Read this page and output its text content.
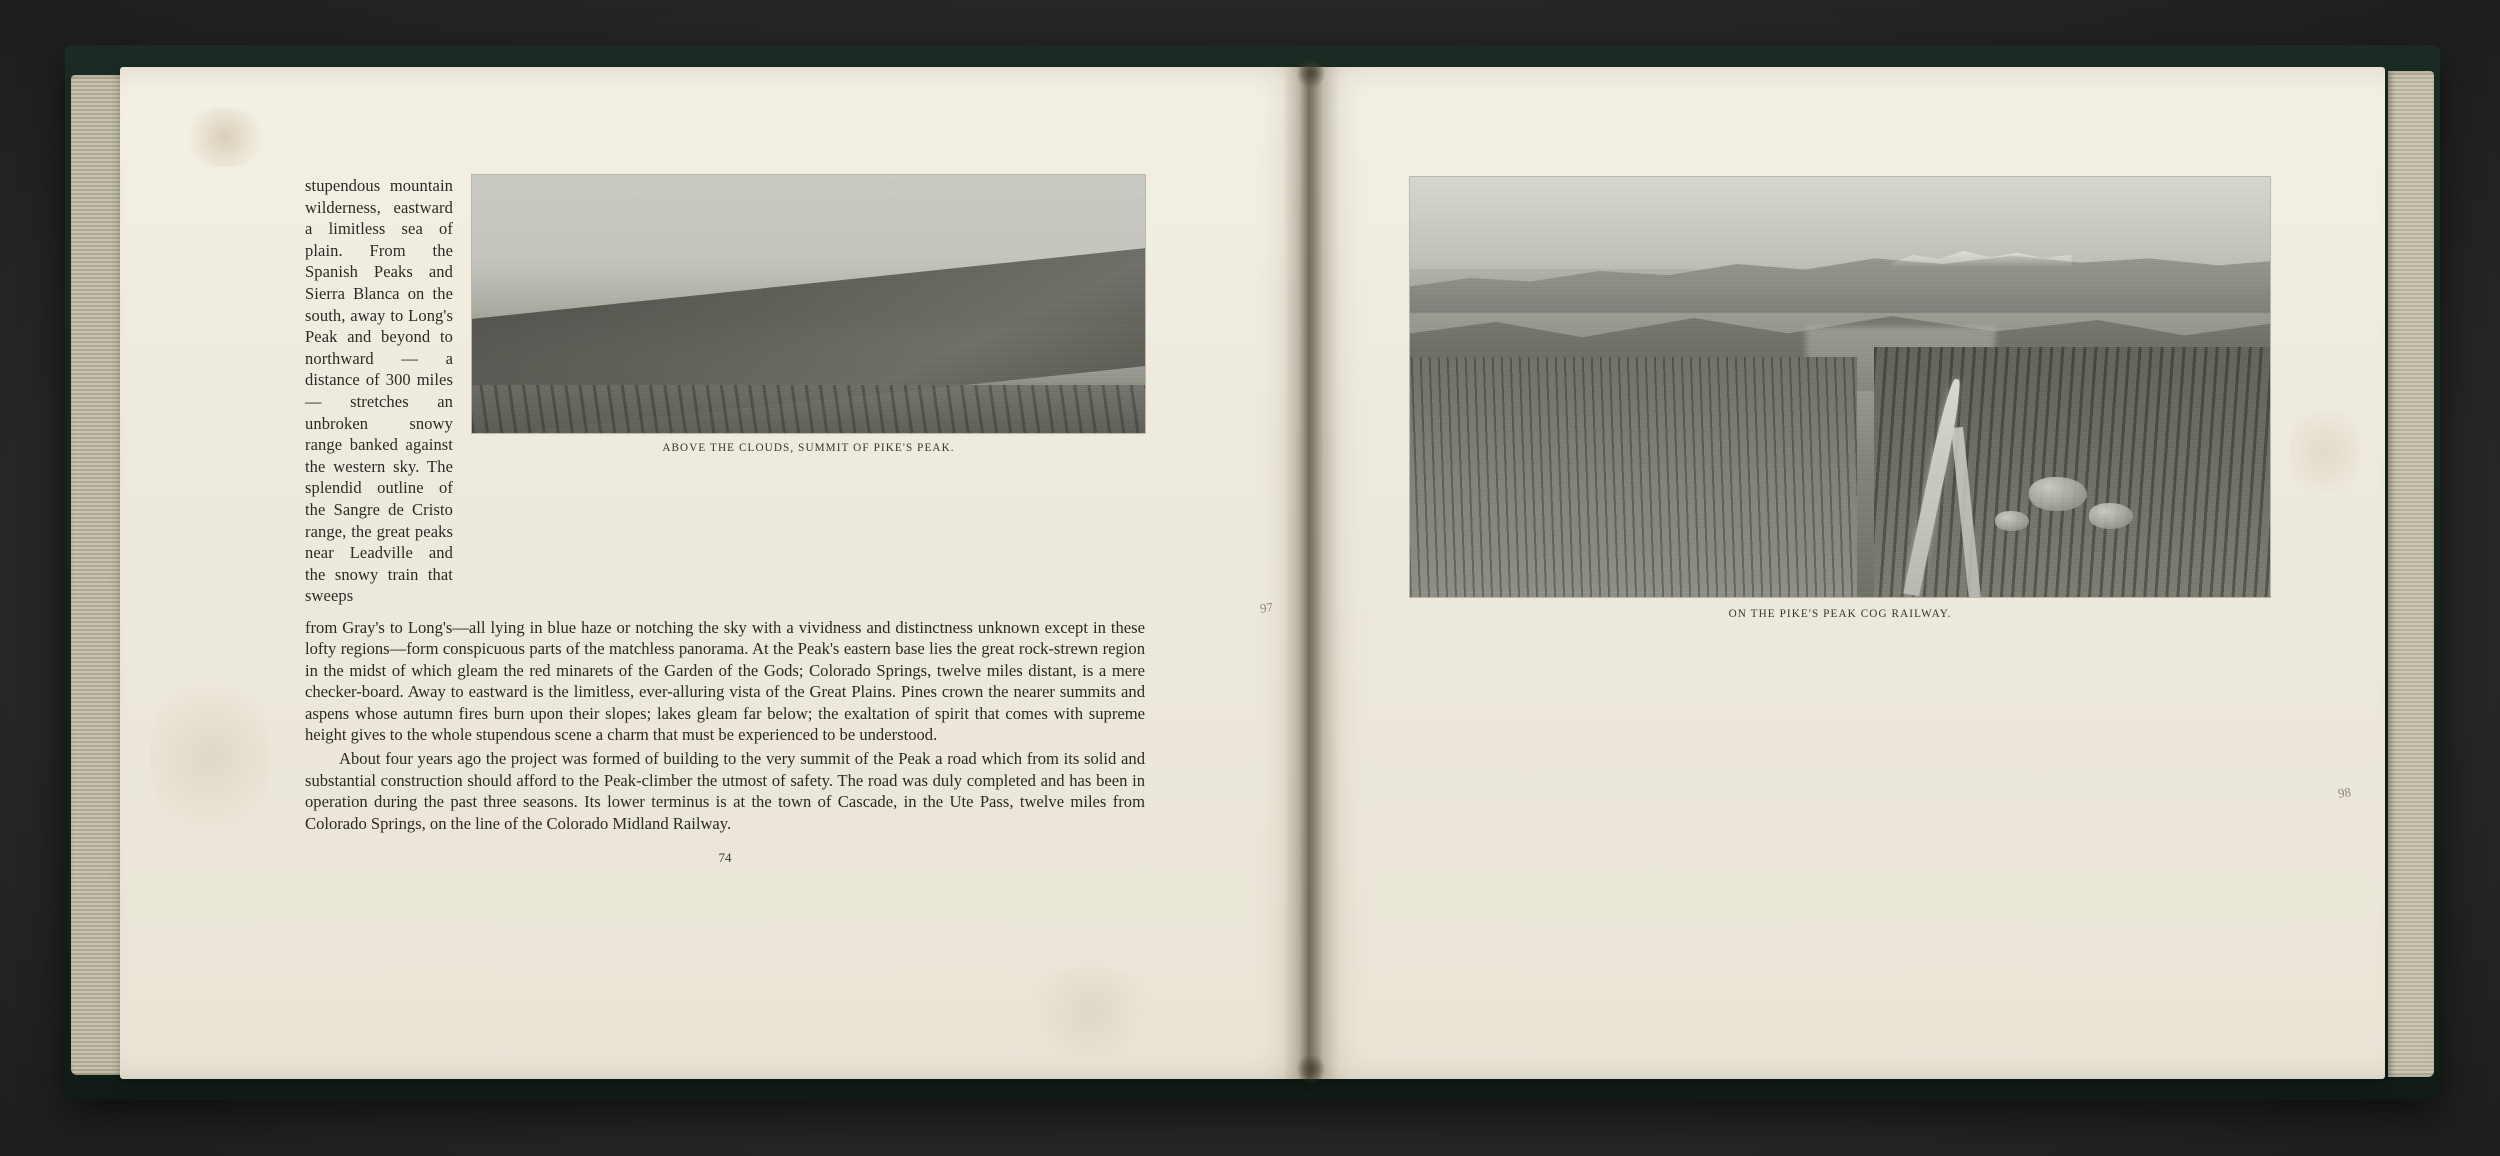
stupendous mountain wilderness, eastward a limitless sea of plain. From the Spanish Peaks and Sierra Blanca on the south, away to Long's Peak and beyond to northward — a distance of 300 miles — stretches an unbroken snowy range banked against the western sky. The splendid outline of the Sangre de Cristo range, the great peaks near Leadville and the snowy train that sweeps
ABOVE THE CLOUDS, SUMMIT OF PIKE'S PEAK.

from Gray's to Long's—all lying in blue haze or notching the sky with a vividness and distinctness unknown except in these lofty regions—form conspicuous parts of the matchless panorama. At the Peak's eastern base lies the great rock-strewn region in the midst of which gleam the red minarets of the Garden of the Gods; Colorado Springs, twelve miles distant, is a mere checker-board. Away to eastward is the limitless, ever-alluring vista of the Great Plains. Pines crown the nearer summits and aspens whose autumn fires burn upon their slopes; lakes gleam far below; the exaltation of spirit that comes with supreme height gives to the whole stupendous scene a charm that must be experienced to be understood.

About four years ago the project was formed of building to the very summit of the Peak a road which from its solid and substantial construction should afford to the Peak-climber the utmost of safety. The road was duly completed and has been in operation during the past three seasons. Its lower terminus is at the town of Cascade, in the Ute Pass, twelve miles from Colorado Springs, on the line of the Colorado Midland Railway.

74
ON THE PIKE'S PEAK COG RAILWAY.
97
98
